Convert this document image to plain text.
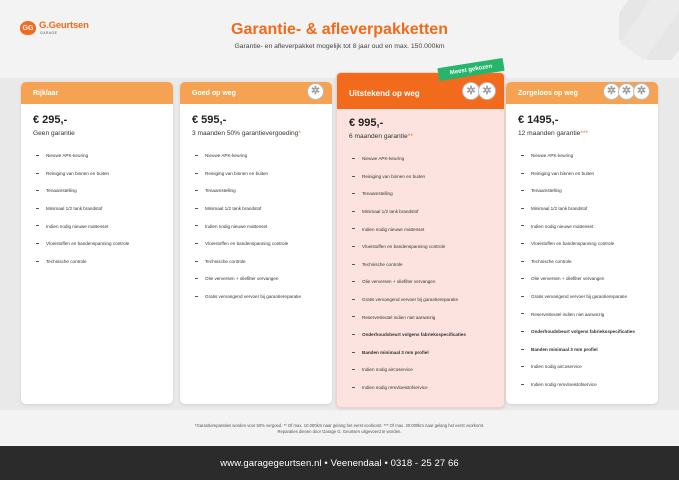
GG G.Geurtsen
GARAGE	Garantie- & afleverpakketten
Garantie- en afleverpakket mogelijk tot 8 jaar oud en max. 150.000km
Rijklaar
€ 295,-
Geen garantie
Nieuwe APK-keuring
Reiniging van binnen en buiten
Tenaamstelling
Minimaal 1/2 tank brandstof
Indien nodig nieuwe mattenset
Vloeistoffen en bandenspanning controle
Technische controle
Goed op weg	✲
€ 595,-
3 maanden 50% garantievergoeding*
Nieuwe APK-keuring
Reiniging van binnen en buiten
Tenaamstelling
Minimaal 1/2 tank brandstof
Indien nodig nieuwe mattenset
Vloeistoffen en bandenspanning controle
Technische controle
Olie verversen + oliefilter vervangen
Gratis vervangend vervoer bij garantiereparatie
Uitstekend op weg	✲ ✲
€ 995,-
6 maanden garantie**
Nieuwe APK-keuring
Reiniging van binnen en buiten
Tenaamstelling
Minimaal 1/2 tank brandstof
Indien nodig nieuwe mattenset
Vloeistoffen en bandenspanning controle
Technische controle
Olie verversen + oliefilter vervangen
Gratis vervangend vervoer bij garantiereparatie
Reservesleutel indien niet aanwezig
Onderhoudsbeurt volgens fabrieksspecificaties
Banden minimaal 3 mm profiel
Indien nodig aircoservice
Indien nodig remvloeistofservice
Meest gekozen
Zorgeloos op weg	✲ ✲ ✲
€ 1495,-
12 maanden garantie***
Nieuwe APK-keuring
Reiniging van binnen en buiten
Tenaamstelling
Minimaal 1/2 tank brandstof
Indien nodig nieuwe mattenset
Vloeistoffen en bandenspanning controle
Technische controle
Olie verversen + oliefilter vervangen
Gratis vervangend vervoer bij garantiereparatie
Reservesleutel indien niet aanwezig
Onderhoudsbeurt volgens fabrieksspecificaties
Banden minimaal 3 mm profiel
Indien nodig aircoservice
Indien nodig remvloeistofservice
*Garantiereparaties worden voor 50% vergoed. ** Of max. 10.000km naar gelang het eerst voorkomt. *** Of max. 20.000km naar gelang het eerst voorkomt.
Reparaties dienen door Garage G. Geurtsen uitgevoerd te worden.
www.garagegeurtsen.nl • Veenendaal • 0318 - 25 27 66
